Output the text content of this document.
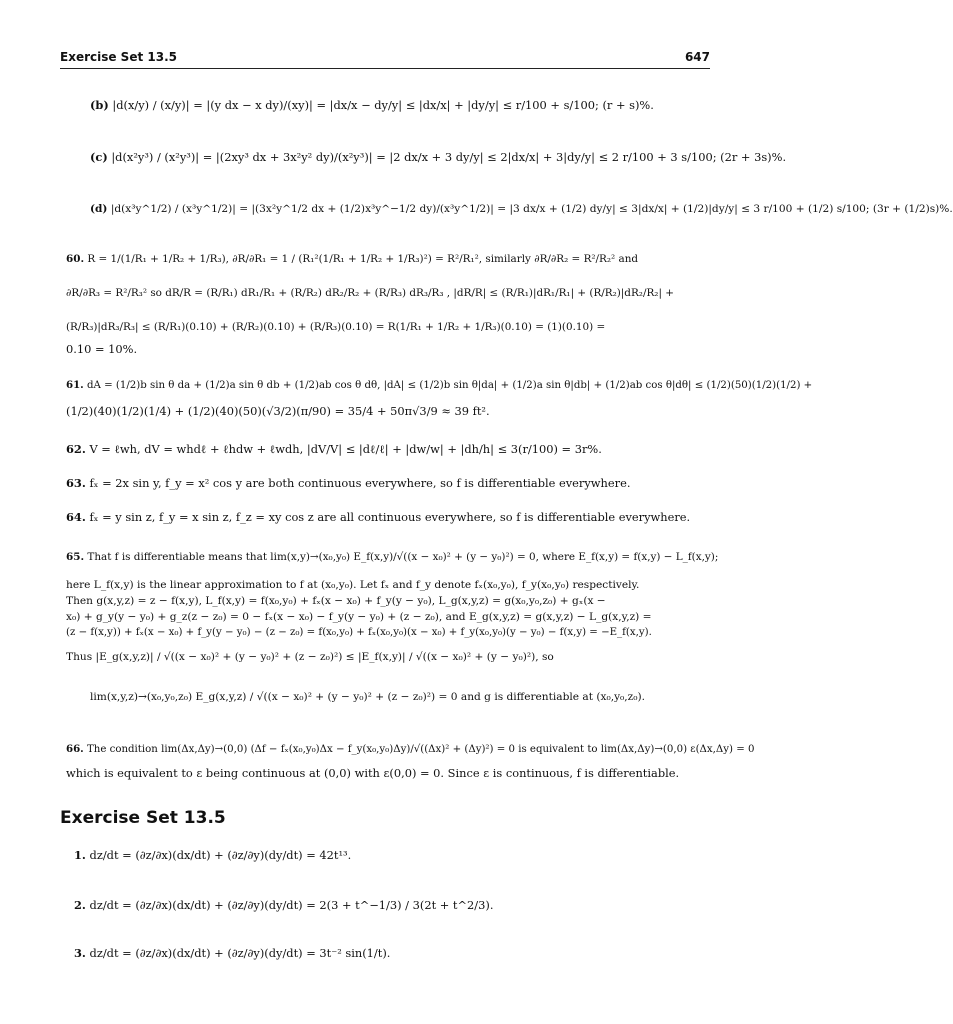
Exercise Set 13.5	647
(b) |d(x/y) / (x/y)| = |(y dx − x dy)/(xy)| = |dx/x − dy/y| ≤ |dx/x| + |dy/y| ≤ r/100 + s/100; (r + s)%.
(c) |d(x²y³) / (x²y³)| = |(2xy³ dx + 3x²y² dy)/(x²y³)| = |2 dx/x + 3 dy/y| ≤ 2|dx/x| + 3|dy/y| ≤ 2 r/100 + 3 s/100; (2r + 3s)%.
(d) |d(x³y^1/2) / (x³y^1/2)| = |(3x²y^1/2 dx + (1/2)x³y^−1/2 dy)/(x³y^1/2)| = |3 dx/x + (1/2) dy/y| ≤ 3|dx/x| + (1/2)|dy/y| ≤ 3 r/100 + (1/2) s/100; (3r + (1/2)s)%.
60. R = 1/(1/R₁ + 1/R₂ + 1/R₃), ∂R/∂R₁ = 1 / (R₁²(1/R₁ + 1/R₂ + 1/R₃)²) = R²/R₁², similarly ∂R/∂R₂ = R²/R₂² and
∂R/∂R₃ = R²/R₃² so dR/R = (R/R₁) dR₁/R₁ + (R/R₂) dR₂/R₂ + (R/R₃) dR₃/R₃ , |dR/R| ≤ (R/R₁)|dR₁/R₁| + (R/R₂)|dR₂/R₂| +
(R/R₃)|dR₃/R₃| ≤ (R/R₁)(0.10) + (R/R₂)(0.10) + (R/R₃)(0.10) = R(1/R₁ + 1/R₂ + 1/R₃)(0.10) = (1)(0.10) =
0.10 = 10%.
61. dA = (1/2)b sin θ da + (1/2)a sin θ db + (1/2)ab cos θ dθ, |dA| ≤ (1/2)b sin θ|da| + (1/2)a sin θ|db| + (1/2)ab cos θ|dθ| ≤ (1/2)(50)(1/2)(1/2) +
(1/2)(40)(1/2)(1/4) + (1/2)(40)(50)(√3/2)(π/90) = 35/4 + 50π√3/9 ≈ 39 ft².
62. V = ℓwh, dV = whdℓ + ℓhdw + ℓwdh, |dV/V| ≤ |dℓ/ℓ| + |dw/w| + |dh/h| ≤ 3(r/100) = 3r%.
63. fₓ = 2x sin y, f_y = x² cos y are both continuous everywhere, so f is differentiable everywhere.
64. fₓ = y sin z, f_y = x sin z, f_z = xy cos z are all continuous everywhere, so f is differentiable everywhere.
65. That f is differentiable means that lim(x,y)→(x₀,y₀) E_f(x,y)/√((x − x₀)² + (y − y₀)²) = 0, where E_f(x,y) = f(x,y) − L_f(x,y);
here L_f(x,y) is the linear approximation to f at (x₀,y₀). Let fₓ and f_y denote fₓ(x₀,y₀), f_y(x₀,y₀) respectively.
Then g(x,y,z) = z − f(x,y), L_f(x,y) = f(x₀,y₀) + fₓ(x − x₀) + f_y(y − y₀), L_g(x,y,z) = g(x₀,y₀,z₀) + gₓ(x −
x₀) + g_y(y − y₀) + g_z(z − z₀) = 0 − fₓ(x − x₀) − f_y(y − y₀) + (z − z₀), and E_g(x,y,z) = g(x,y,z) − L_g(x,y,z) =
(z − f(x,y)) + fₓ(x − x₀) + f_y(y − y₀) − (z − z₀) = f(x₀,y₀) + fₓ(x₀,y₀)(x − x₀) + f_y(x₀,y₀)(y − y₀) − f(x,y) = −E_f(x,y).
Thus |E_g(x,y,z)| / √((x − x₀)² + (y − y₀)² + (z − z₀)²) ≤ |E_f(x,y)| / √((x − x₀)² + (y − y₀)²), so
lim(x,y,z)→(x₀,y₀,z₀) E_g(x,y,z) / √((x − x₀)² + (y − y₀)² + (z − z₀)²) = 0 and g is differentiable at (x₀,y₀,z₀).
66. The condition lim(Δx,Δy)→(0,0) (Δf − fₓ(x₀,y₀)Δx − f_y(x₀,y₀)Δy)/√((Δx)² + (Δy)²) = 0 is equivalent to lim(Δx,Δy)→(0,0) ε(Δx,Δy) = 0
which is equivalent to ε being continuous at (0,0) with ε(0,0) = 0. Since ε is continuous, f is differentiable.
Exercise Set 13.5
1. dz/dt = (∂z/∂x)(dx/dt) + (∂z/∂y)(dy/dt) = 42t¹³.
2. dz/dt = (∂z/∂x)(dx/dt) + (∂z/∂y)(dy/dt) = 2(3 + t^−1/3) / 3(2t + t^2/3).
3. dz/dt = (∂z/∂x)(dx/dt) + (∂z/∂y)(dy/dt) = 3t⁻² sin(1/t).
